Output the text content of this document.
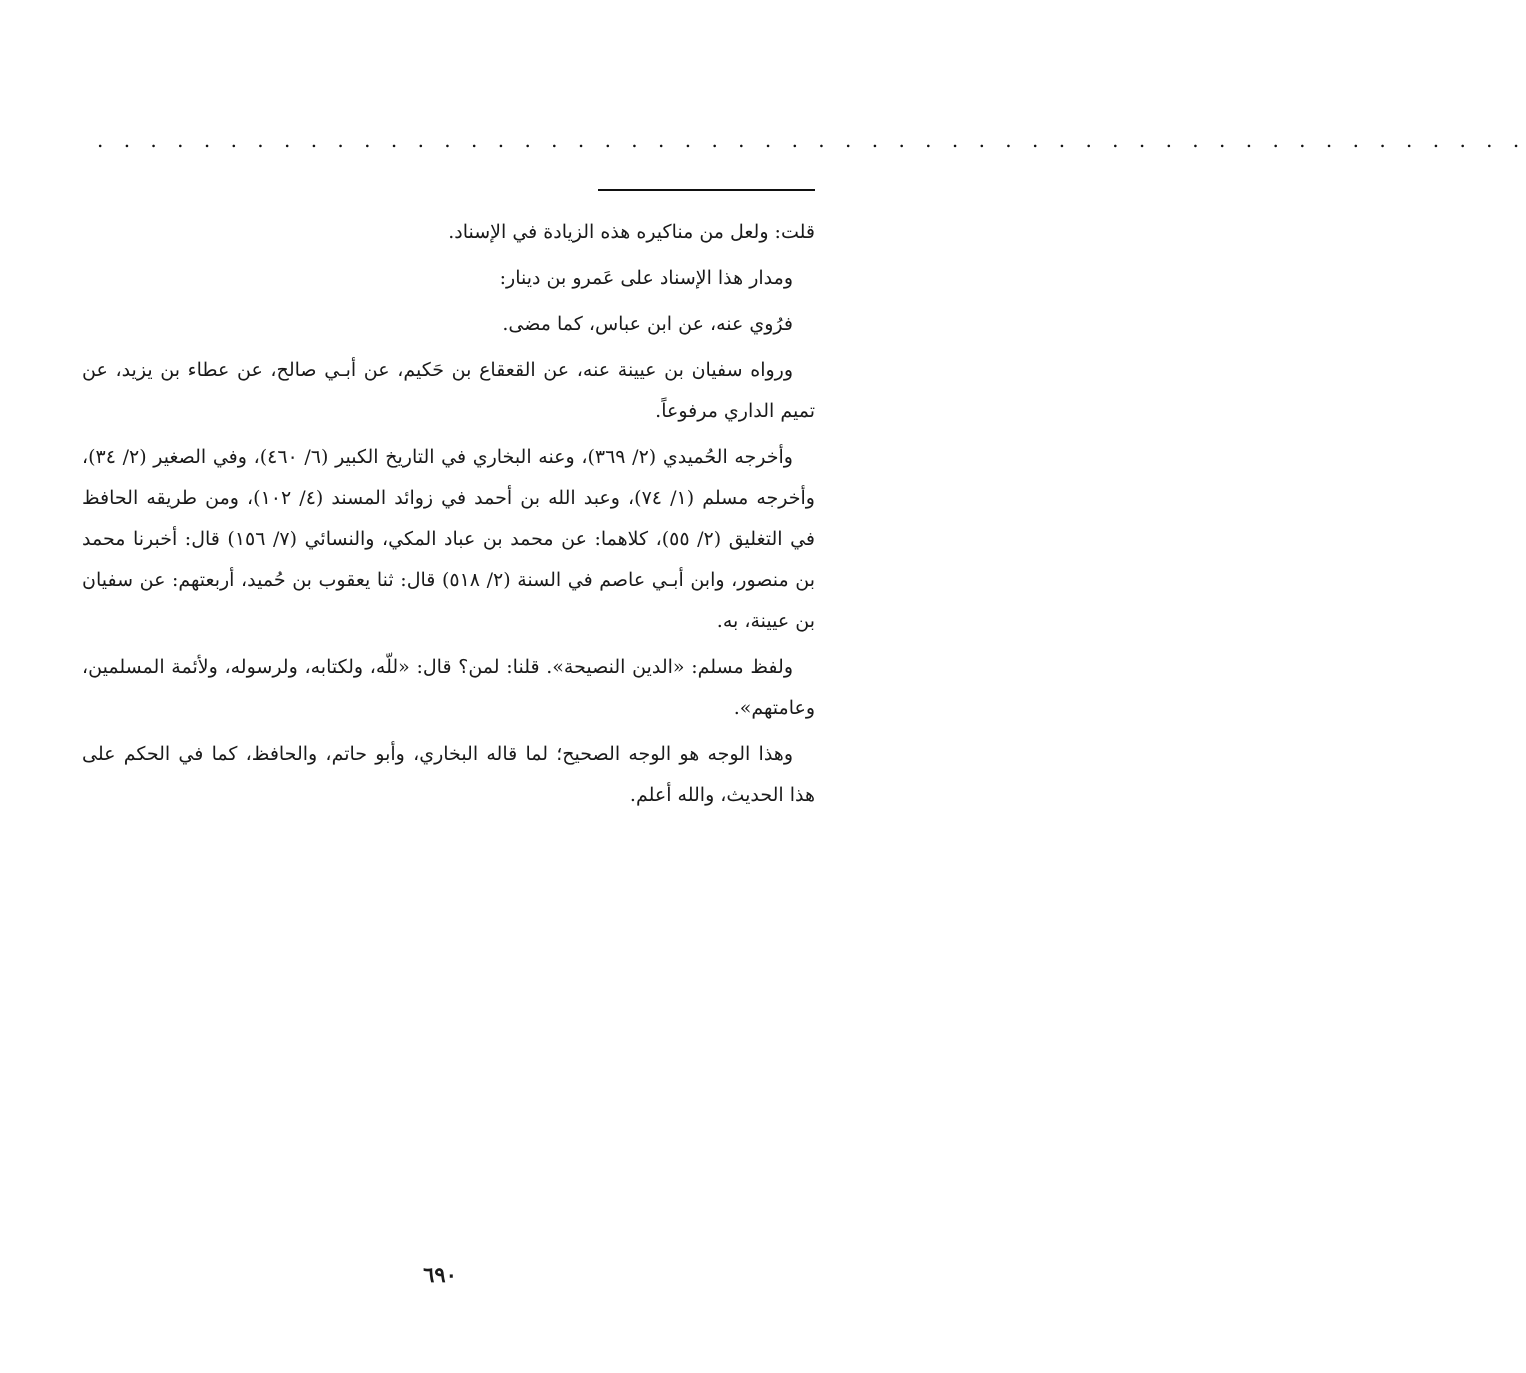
. . . . . . . . . . . . . . . . . . . . . . . . . . . . . . . . . . . . . . . . . . . . . . . . . . . . . .

قلت: ولعل من مناكيره هذه الزيادة في الإسناد.

ومدار هذا الإسناد على عَمرو بن دينار:

فرُوي عنه، عن ابن عباس، كما مضى.

ورواه سفيان بن عيينة عنه، عن القعقاع بن حَكيم، عن أبـي صالح، عن عطاء بن يزيد، عن تميم الداري مرفوعاً.

وأخرجه الحُميدي (٢/ ٣٦٩)، وعنه البخاري في التاريخ الكبير (٦/ ٤٦٠)، وفي الصغير (٢/ ٣٤)، وأخرجه مسلم (١/ ٧٤)، وعبد الله بن أحمد في زوائد المسند (٤/ ١٠٢)، ومن طريقه الحافظ في التغليق (٢/ ٥٥)، كلاهما: عن محمد بن عباد المكي، والنسائي (٧/ ١٥٦) قال: أخبرنا محمد بن منصور، وابن أبـي عاصم في السنة (٢/ ٥١٨) قال: ثنا يعقوب بن حُميد، أربعتهم: عن سفيان بن عيينة، به.

ولفظ مسلم: «الدين النصيحة». قلنا: لمن؟ قال: «للّه، ولكتابه، ولرسوله، ولأئمة المسلمين، وعامتهم».

وهذا الوجه هو الوجه الصحيح؛ لما قاله البخاري، وأبو حاتم، والحافظ، كما في الحكم على هذا الحديث، والله أعلم.

٦٩٠
